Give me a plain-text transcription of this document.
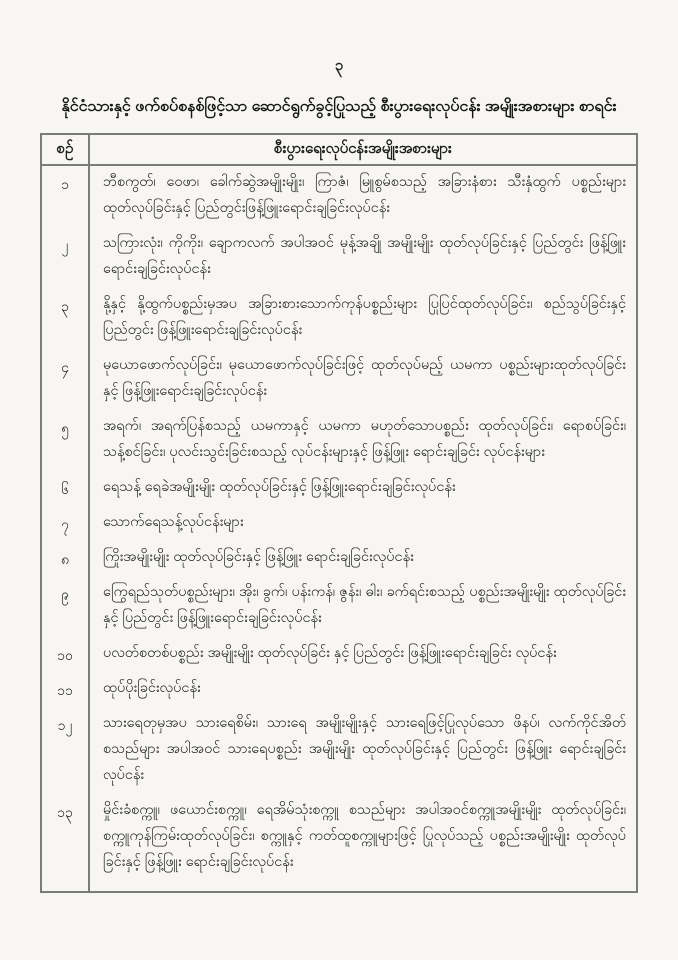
၃
နိုင်ငံသားနှင့် ဖက်စပ်စနစ်ဖြင့်သာ ဆောင်ရွက်ခွင့်ပြုသည့် စီးပွားရေးလုပ်ငန်း အမျိုးအစားများ စာရင်း
စဉ်	စီးပွားရေးလုပ်ငန်းအမျိုးအစားများ
၁	ဘီစကွတ်၊ ဝေဖာ၊ ခေါက်ဆွဲအမျိုးမျိုး၊ ကြာဇံ၊ မြူစွမ်စသည့် အခြားနံစား သီးနှံထွက် ပစ္စည်းများ ထုတ်လုပ်ခြင်းနှင့် ပြည်တွင်းဖြန့်ဖြူးရောင်းချခြင်းလုပ်ငန်း
၂	သကြားလုံး၊ ကိုကိုး၊ ချောကလက် အပါအဝင် မုန့်အချို အမျိုးမျိုး ထုတ်လုပ်ခြင်းနှင့် ပြည်တွင်း ဖြန့်ဖြူးရောင်းချခြင်းလုပ်ငန်း
၃	နို့နှင့် နို့ထွက်ပစ္စည်းမှအပ အခြားစားသောက်ကုန်ပစ္စည်းများ ပြုပြင်ထုတ်လုပ်ခြင်း၊ စည်သွပ်ခြင်းနှင့် ပြည်တွင်း ဖြန့်ဖြူးရောင်းချခြင်းလုပ်ငန်း
၄	မုယောဖောက်လုပ်ခြင်း၊ မုယောဖောက်လုပ်ခြင်းဖြင့် ထုတ်လုပ်မည့် ယမကာ ပစ္စည်းများထုတ်လုပ်ခြင်းနှင့် ဖြန့်ဖြူးရောင်းချခြင်းလုပ်ငန်း
၅	အရက်၊ အရက်ပြန်စသည့် ယမကာနှင့် ယမကာ မဟုတ်သောပစ္စည်း ထုတ်လုပ်ခြင်း၊ ရောစပ်ခြင်း၊ သန့်စင်ခြင်း၊ ပုလင်းသွင်းခြင်းစသည့် လုပ်ငန်းများနှင့် ဖြန့်ဖြူး ရောင်းချခြင်း လုပ်ငန်းများ
၆	ရေသန့် ရေခဲအမျိုးမျိုး ထုတ်လုပ်ခြင်းနှင့် ဖြန့်ဖြူးရောင်းချခြင်းလုပ်ငန်း
၇	သောက်ရေသန့်လုပ်ငန်းများ
၈	ကြိုးအမျိုးမျိုး ထုတ်လုပ်ခြင်းနှင့် ဖြန့်ဖြူး ရောင်းချခြင်းလုပ်ငန်း
၉	ကြွေရည်သုတ်ပစ္စည်းများ၊ အိုး၊ ခွက်၊ ပန်းကန်၊ ဇွန်း၊ ဓါး၊ ခက်ရင်းစသည့် ပစ္စည်းအမျိုးမျိုး ထုတ်လုပ်ခြင်း နှင့် ပြည်တွင်း ဖြန့်ဖြူးရောင်းချခြင်းလုပ်ငန်း
၁၀	ပလတ်စတစ်ပစ္စည်း အမျိုးမျိုး ထုတ်လုပ်ခြင်း နှင့် ပြည်တွင်း ဖြန့်ဖြူးရောင်းချခြင်း လုပ်ငန်း
၁၁	ထုပ်ပိုးခြင်းလုပ်ငန်း
၁၂	သားရေတုမှအပ သားရေစိမ်း၊ သားရေ အမျိုးမျိုးနှင့် သားရေဖြင့်ပြုလုပ်သော ဖိနပ်၊ လက်ကိုင်အိတ်စသည်များ အပါအဝင် သားရေပစ္စည်း အမျိုးမျိုး ထုတ်လုပ်ခြင်းနှင့် ပြည်တွင်း ဖြန့်ဖြူး ရောင်းချခြင်းလုပ်ငန်း
၁၃	မှိုင်းခံစက္ကူ၊ ဖယောင်းစက္ကူ၊ ရေအိမ်သုံးစက္ကူ စသည်များ အပါအဝင်စက္ကူအမျိုးမျိုး ထုတ်လုပ်ခြင်း၊ စက္ကူကုန်ကြမ်းထုတ်လုပ်ခြင်း၊ စက္ကူနှင့် ကတ်ထူစက္ကူများဖြင့် ပြုလုပ်သည့် ပစ္စည်းအမျိုးမျိုး ထုတ်လုပ်ခြင်းနှင့် ဖြန့်ဖြူး ရောင်းချခြင်းလုပ်ငန်း
